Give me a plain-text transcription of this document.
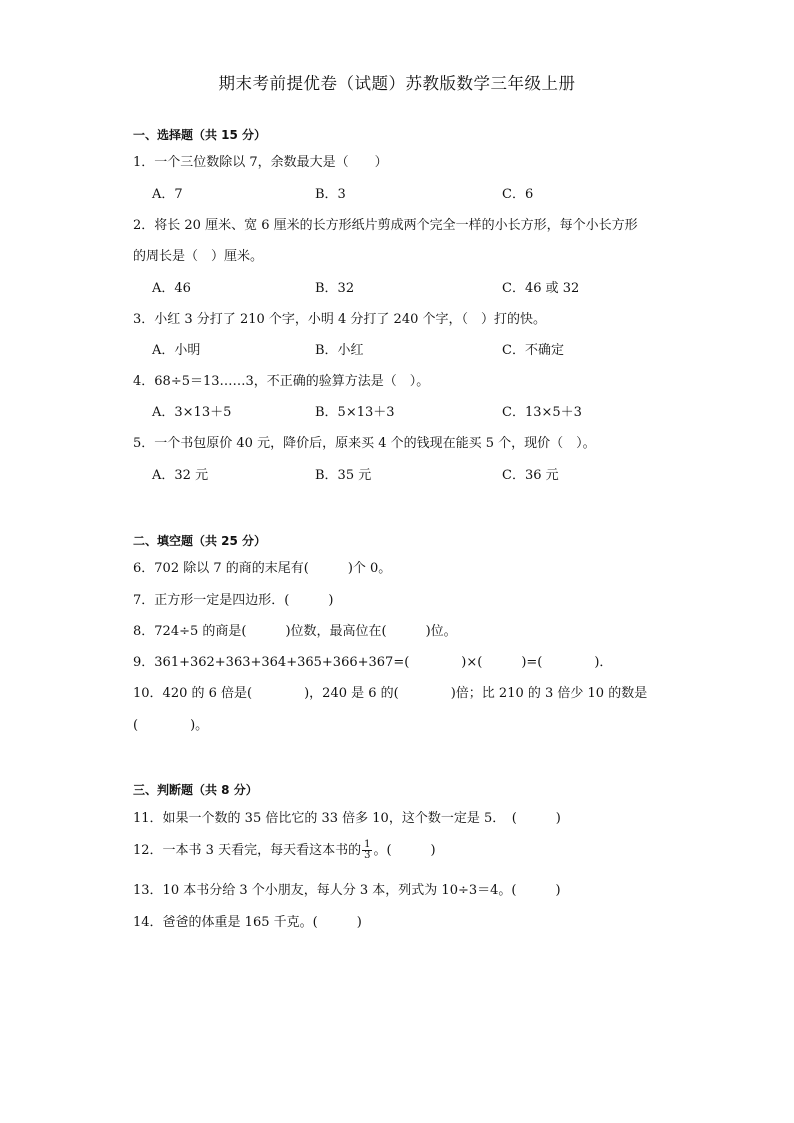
期末考前提优卷（试题）苏教版数学三年级上册
一、选择题（共 15 分）
1．一个三位数除以 7，余数最大是（　　）
A．7	B．3	C．6
2．将长 20 厘米、宽 6 厘米的长方形纸片剪成两个完全一样的小长方形，每个小长方形
的周长是（　）厘米。
A．46	B．32	C．46 或 32
3．小红 3 分打了 210 个字，小明 4 分打了 240 个字，（　）打的快。
A．小明	B．小红	C．不确定
4．68÷5＝13……3，不正确的验算方法是（　）。
A．3×13＋5	B．5×13＋3	C．13×5＋3
5．一个书包原价 40 元，降价后，原来买 4 个的钱现在能买 5 个，现价（　）。
A．32 元	B．35 元	C．36 元
二、填空题（共 25 分）
6．702 除以 7 的商的末尾有(　　　)个 0。
7．正方形一定是四边形．(　　　)
8．724÷5 的商是(　　　)位数，最高位在(　　　)位。
9．361+362+363+364+365+366+367=(　　　　)×(　　　)=(　　　　)．
10．420 的 6 倍是(　　　　)，240 是 6 的(　　　　)倍；比 210 的 3 倍少 10 的数是
(　　　　)。
三、判断题（共 8 分）
11．如果一个数的 35 倍比它的 33 倍多 10，这个数一定是 5．　(　　　)
12．一本书 3 天看完，每天看这本书的 $\frac{1}{3}$ 。(　　　)
13．10 本书分给 3 个小朋友，每人分 3 本，列式为 10÷3＝4。(　　　)
14．爸爸的体重是 165 千克。(　　　)
